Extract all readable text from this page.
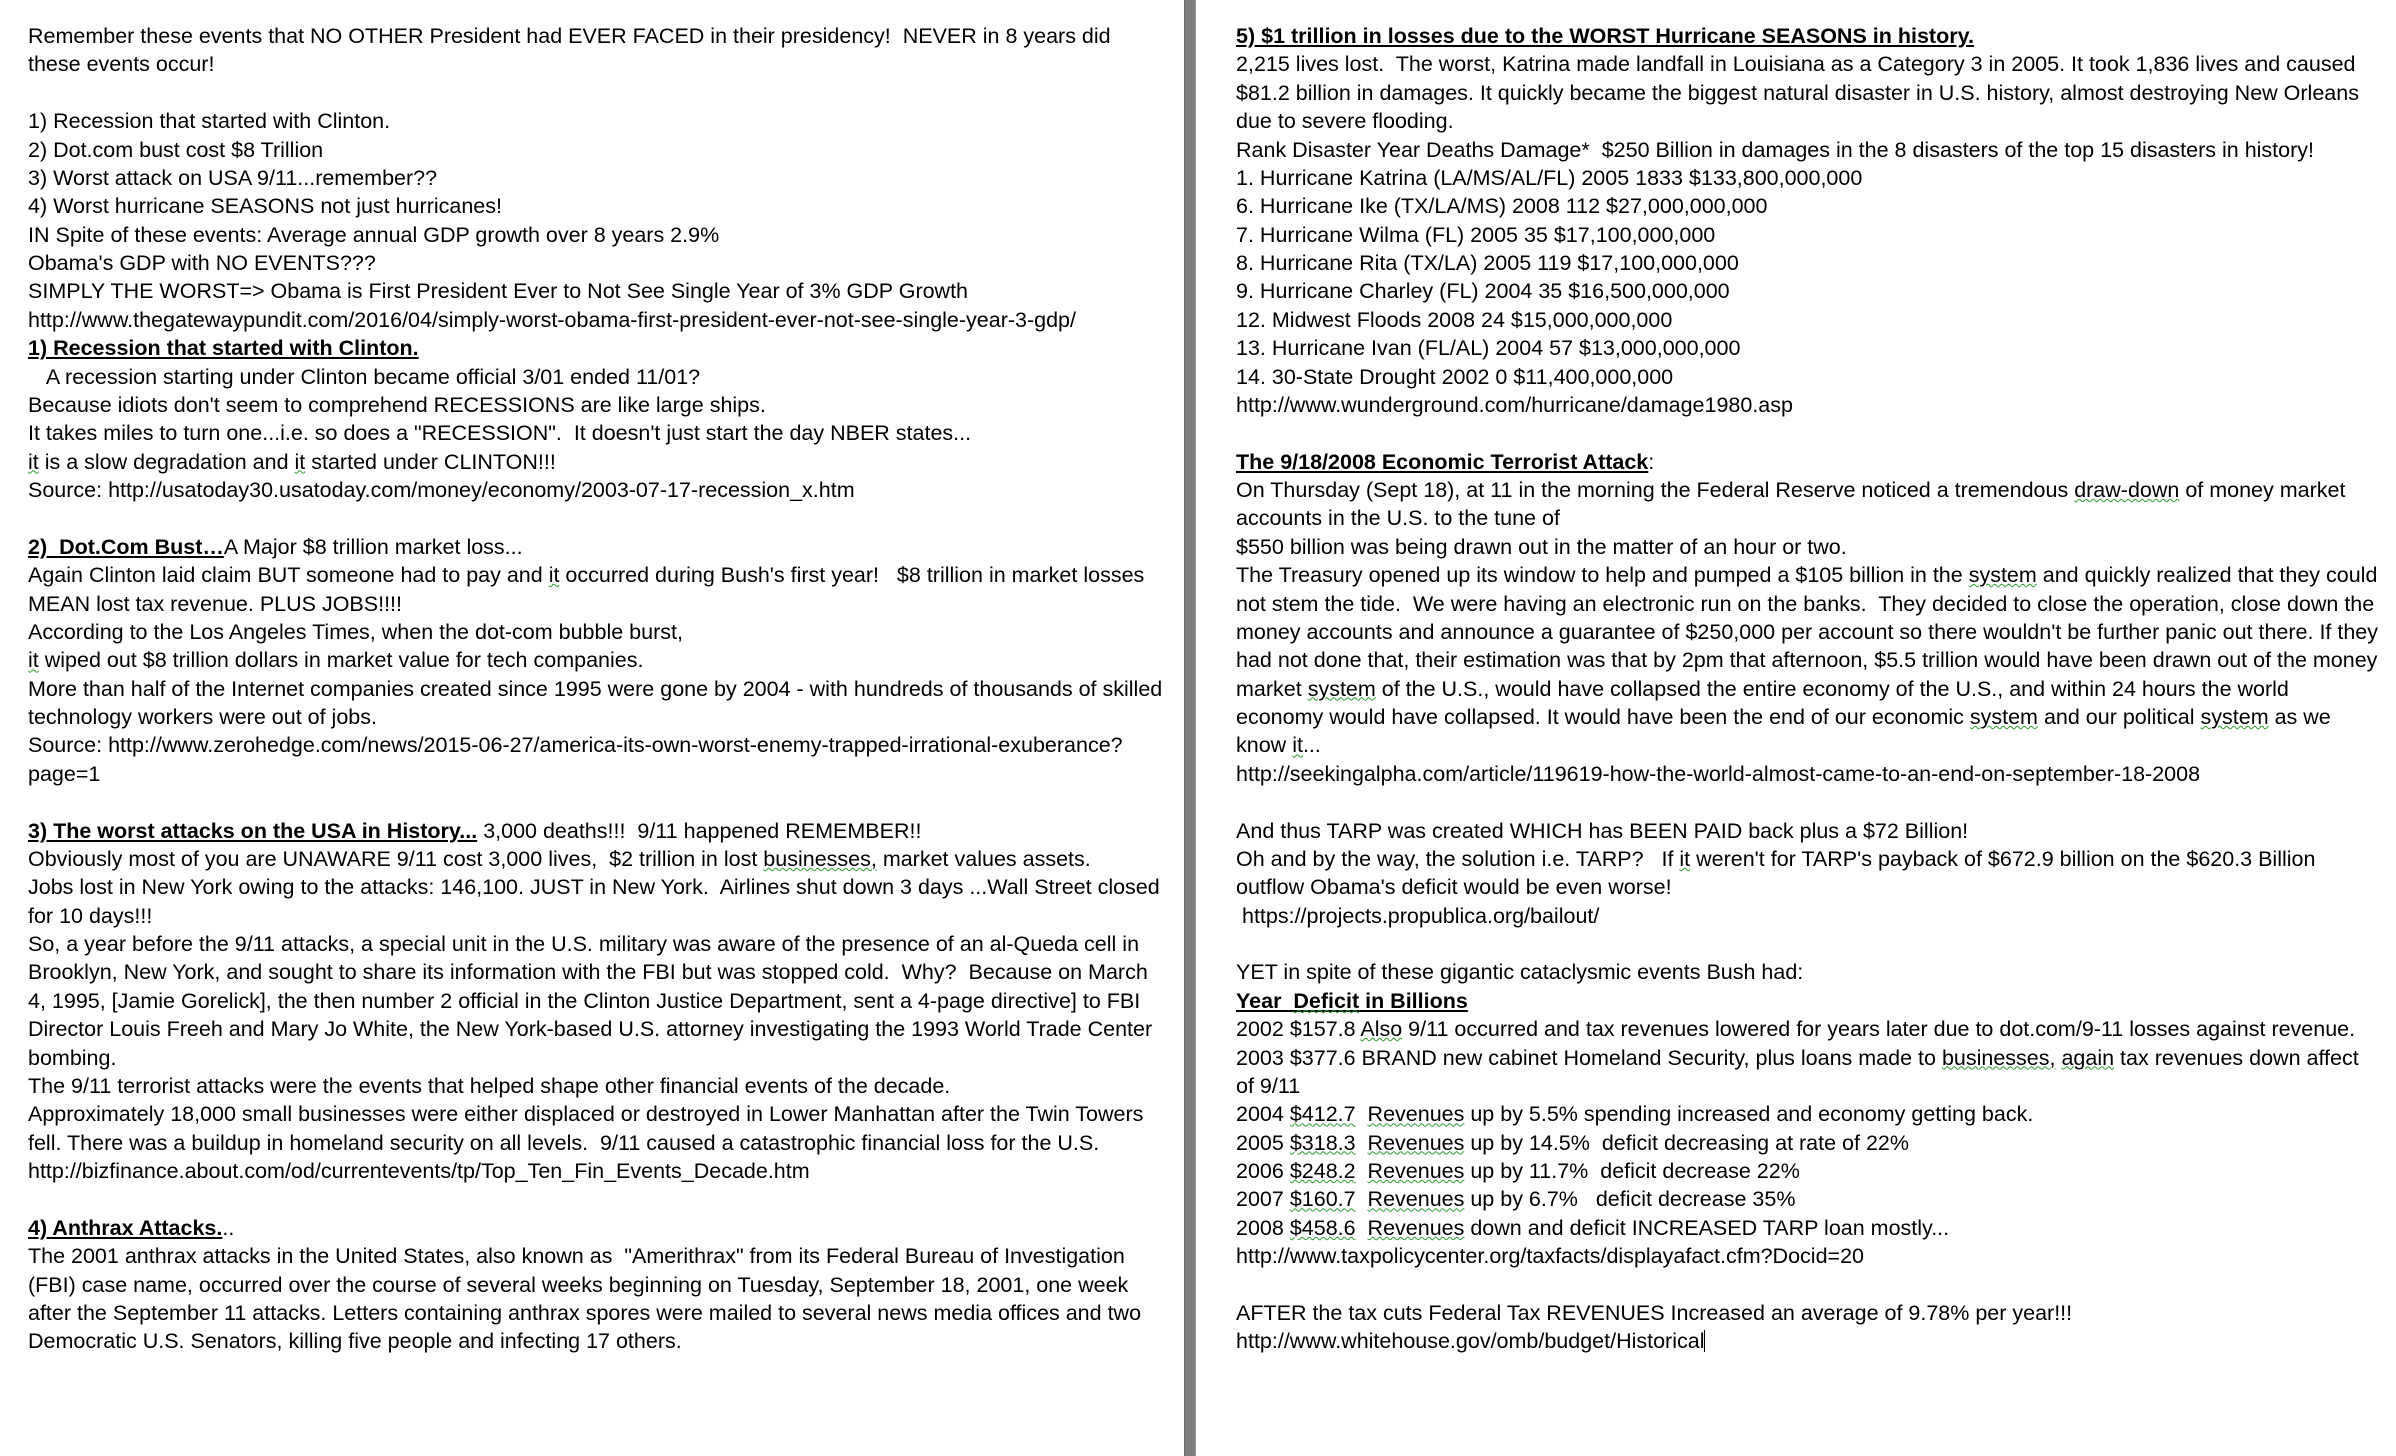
Remember these events that NO OTHER President had EVER FACED in their presidency!  NEVER in 8 years did these events occur!

1) Recession that started with Clinton.

2) Dot.com bust cost $8 Trillion

3) Worst attack on USA 9/11...remember??

4) Worst hurricane SEASONS not just hurricanes!

IN Spite of these events: Average annual GDP growth over 8 years 2.9%

Obama's GDP with NO EVENTS???

SIMPLY THE WORST=> Obama is First President Ever to Not See Single Year of 3% GDP Growth

http://www.thegatewaypundit.com/2016/04/simply-worst-obama-first-president-ever-not-see-single-year-3-gdp/

1) Recession that started with Clinton.

A recession starting under Clinton became official 3/01 ended 11/01?

Because idiots don't seem to comprehend RECESSIONS are like large ships.

It takes miles to turn one...i.e. so does a "RECESSION".  It doesn't just start the day NBER states...

it is a slow degradation and it started under CLINTON!!!

Source: http://usatoday30.usatoday.com/money/economy/2003-07-17-recession_x.htm

2)  Dot.Com Bust…A Major $8 trillion market loss...

Again Clinton laid claim BUT someone had to pay and it occurred during Bush's first year!   $8 trillion in market losses MEAN lost tax revenue. PLUS JOBS!!!!

According to the Los Angeles Times, when the dot-com bubble burst,

it wiped out $8 trillion dollars in market value for tech companies.

More than half of the Internet companies created since 1995 were gone by 2004 - with hundreds of thousands of skilled technology workers were out of jobs.

Source: http://www.zerohedge.com/news/2015-06-27/america-its-own-worst-enemy-trapped-irrational-exuberance?page=1

3) The worst attacks on the USA in History... 3,000 deaths!!!  9/11 happened REMEMBER!!

Obviously most of you are UNAWARE 9/11 cost 3,000 lives,  $2 trillion in lost businesses, market values assets.

Jobs lost in New York owing to the attacks: 146,100. JUST in New York.  Airlines shut down 3 days ...Wall Street closed for 10 days!!!

So, a year before the 9/11 attacks, a special unit in the U.S. military was aware of the presence of an al-Queda cell in Brooklyn, New York, and sought to share its information with the FBI but was stopped cold.  Why?  Because on March 4, 1995, [Jamie Gorelick], the then number 2 official in the Clinton Justice Department, sent a 4-page directive] to FBI Director Louis Freeh and Mary Jo White, the New York-based U.S. attorney investigating the 1993 World Trade Center bombing.

The 9/11 terrorist attacks were the events that helped shape other financial events of the decade.

Approximately 18,000 small businesses were either displaced or destroyed in Lower Manhattan after the Twin Towers fell. There was a buildup in homeland security on all levels.  9/11 caused a catastrophic financial loss for the U.S.

http://bizfinance.about.com/od/currentevents/tp/Top_Ten_Fin_Events_Decade.htm

4) Anthrax Attacks...

The 2001 anthrax attacks in the United States, also known as  "Amerithrax" from its Federal Bureau of Investigation (FBI) case name, occurred over the course of several weeks beginning on Tuesday, September 18, 2001, one week after the September 11 attacks. Letters containing anthrax spores were mailed to several news media offices and two Democratic U.S. Senators, killing five people and infecting 17 others.

5) $1 trillion in losses due to the WORST Hurricane SEASONS in history.

2,215 lives lost.  The worst, Katrina made landfall in Louisiana as a Category 3 in 2005. It took 1,836 lives and caused $81.2 billion in damages. It quickly became the biggest natural disaster in U.S. history, almost destroying New Orleans due to severe flooding.

Rank Disaster Year Deaths Damage*  $250 Billion in damages in the 8 disasters of the top 15 disasters in history!

1. Hurricane Katrina (LA/MS/AL/FL) 2005 1833 $133,800,000,000

6. Hurricane Ike (TX/LA/MS) 2008 112 $27,000,000,000

7. Hurricane Wilma (FL) 2005 35 $17,100,000,000

8. Hurricane Rita (TX/LA) 2005 119 $17,100,000,000

9. Hurricane Charley (FL) 2004 35 $16,500,000,000

12. Midwest Floods 2008 24 $15,000,000,000

13. Hurricane Ivan (FL/AL) 2004 57 $13,000,000,000

14. 30-State Drought 2002 0 $11,400,000,000

http://www.wunderground.com/hurricane/damage1980.asp

The 9/18/2008 Economic Terrorist Attack:

On Thursday (Sept 18), at 11 in the morning the Federal Reserve noticed a tremendous draw-down of money market accounts in the U.S. to the tune of

$550 billion was being drawn out in the matter of an hour or two.

The Treasury opened up its window to help and pumped a $105 billion in the system and quickly realized that they could not stem the tide.  We were having an electronic run on the banks.  They decided to close the operation, close down the money accounts and announce a guarantee of $250,000 per account so there wouldn't be further panic out there. If they had not done that, their estimation was that by 2pm that afternoon, $5.5 trillion would have been drawn out of the money market system of the U.S., would have collapsed the entire economy of the U.S., and within 24 hours the world economy would have collapsed. It would have been the end of our economic system and our political system as we know it...

http://seekingalpha.com/article/119619-how-the-world-almost-came-to-an-end-on-september-18-2008

And thus TARP was created WHICH has BEEN PAID back plus a $72 Billion!

Oh and by the way, the solution i.e. TARP?   If it weren't for TARP's payback of $672.9 billion on the $620.3 Billion outflow Obama's deficit would be even worse!

https://projects.propublica.org/bailout/

YET in spite of these gigantic cataclysmic events Bush had:

Year  Deficit in Billions

2002 $157.8 Also 9/11 occurred and tax revenues lowered for years later due to dot.com/9-11 losses against revenue.

2003 $377.6 BRAND new cabinet Homeland Security, plus loans made to businesses, again tax revenues down affect of 9/11

2004 $412.7 Revenues up by 5.5% spending increased and economy getting back.

2005 $318.3 Revenues up by 14.5%  deficit decreasing at rate of 22%

2006 $248.2 Revenues up by 11.7%  deficit decrease 22%

2007 $160.7 Revenues up by 6.7%   deficit decrease 35%

2008 $458.6 Revenues down and deficit INCREASED TARP loan mostly...

http://www.taxpolicycenter.org/taxfacts/displayafact.cfm?Docid=20

AFTER the tax cuts Federal Tax REVENUES Increased an average of 9.78% per year!!!

http://www.whitehouse.gov/omb/budget/Historical
